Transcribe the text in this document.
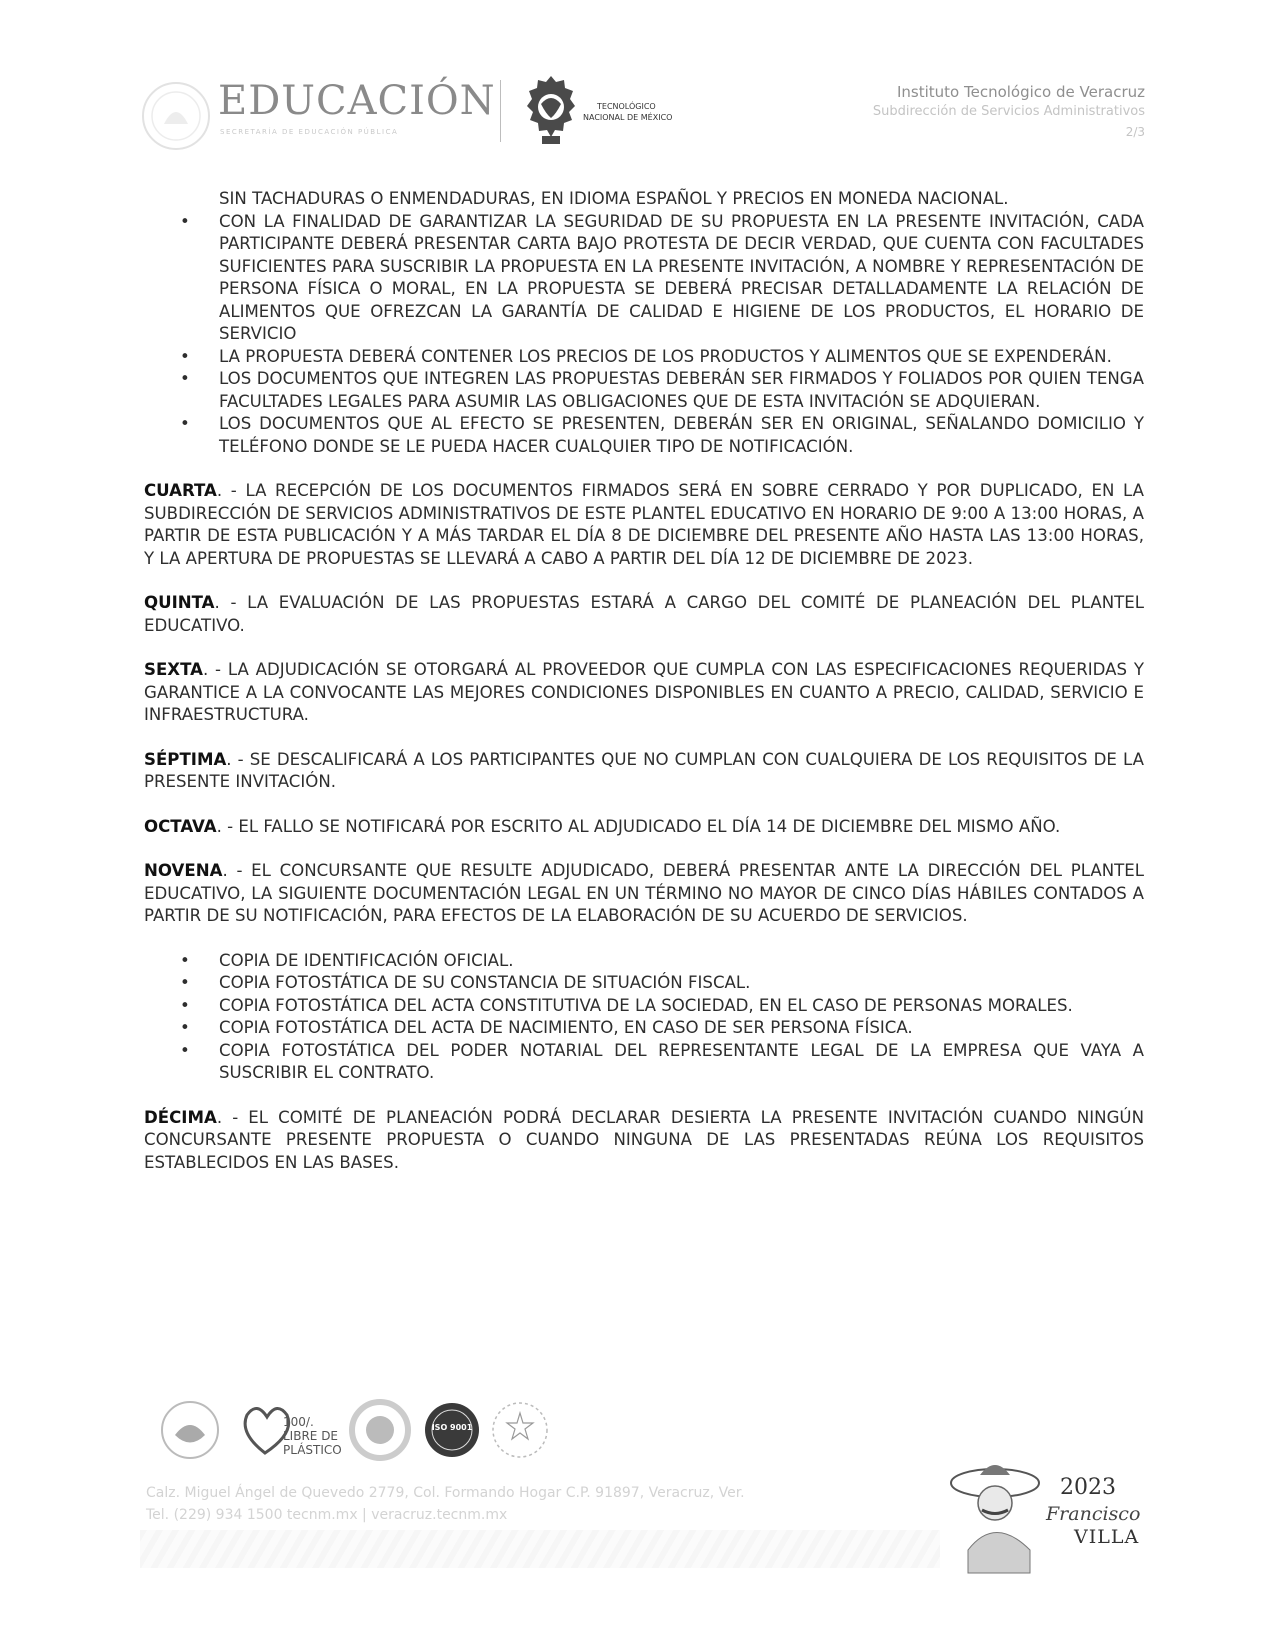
EDUCACIÓN
SECRETARÍA DE EDUCACIÓN PÚBLICA
TECNOLÓGICO
NACIONAL DE MÉXICO
Instituto Tecnológico de Veracruz
Subdirección de Servicios Administrativos
2/3

SIN TACHADURAS O ENMENDADURAS, EN IDIOMA ESPAÑOL Y PRECIOS EN MONEDA NACIONAL.

• CON LA FINALIDAD DE GARANTIZAR LA SEGURIDAD DE SU PROPUESTA EN LA PRESENTE INVITACIÓN, CADA PARTICIPANTE DEBERÁ PRESENTAR CARTA BAJO PROTESTA DE DECIR VERDAD, QUE CUENTA CON FACULTADES SUFICIENTES PARA SUSCRIBIR LA PROPUESTA EN LA PRESENTE INVITACIÓN, A NOMBRE Y REPRESENTACIÓN DE PERSONA FÍSICA O MORAL, EN LA PROPUESTA SE DEBERÁ PRECISAR DETALLADAMENTE LA RELACIÓN DE ALIMENTOS QUE OFREZCAN LA GARANTÍA DE CALIDAD E HIGIENE DE LOS PRODUCTOS, EL HORARIO DE SERVICIO

• LA PROPUESTA DEBERÁ CONTENER LOS PRECIOS DE LOS PRODUCTOS Y ALIMENTOS QUE SE EXPENDERÁN.

• LOS DOCUMENTOS QUE INTEGREN LAS PROPUESTAS DEBERÁN SER FIRMADOS Y FOLIADOS POR QUIEN TENGA FACULTADES LEGALES PARA ASUMIR LAS OBLIGACIONES QUE DE ESTA INVITACIÓN SE ADQUIERAN.

• LOS DOCUMENTOS QUE AL EFECTO SE PRESENTEN, DEBERÁN SER EN ORIGINAL, SEÑALANDO DOMICILIO Y TELÉFONO DONDE SE LE PUEDA HACER CUALQUIER TIPO DE NOTIFICACIÓN.

CUARTA. - LA RECEPCIÓN DE LOS DOCUMENTOS FIRMADOS SERÁ EN SOBRE CERRADO Y POR DUPLICADO, EN LA SUBDIRECCIÓN DE SERVICIOS ADMINISTRATIVOS DE ESTE PLANTEL EDUCATIVO EN HORARIO DE 9:00 A 13:00 HORAS, A PARTIR DE ESTA PUBLICACIÓN Y A MÁS TARDAR EL DÍA 8 DE DICIEMBRE DEL PRESENTE AÑO HASTA LAS 13:00 HORAS, Y LA APERTURA DE PROPUESTAS SE LLEVARÁ A CABO A PARTIR DEL DÍA 12 DE DICIEMBRE DE 2023.

QUINTA. - LA EVALUACIÓN DE LAS PROPUESTAS ESTARÁ A CARGO DEL COMITÉ DE PLANEACIÓN DEL PLANTEL EDUCATIVO.

SEXTA. - LA ADJUDICACIÓN SE OTORGARÁ AL PROVEEDOR QUE CUMPLA CON LAS ESPECIFICACIONES REQUERIDAS Y GARANTICE A LA CONVOCANTE LAS MEJORES CONDICIONES DISPONIBLES EN CUANTO A PRECIO, CALIDAD, SERVICIO E INFRAESTRUCTURA.

SÉPTIMA. - SE DESCALIFICARÁ A LOS PARTICIPANTES QUE NO CUMPLAN CON CUALQUIERA DE LOS REQUISITOS DE LA PRESENTE INVITACIÓN.

OCTAVA. - EL FALLO SE NOTIFICARÁ POR ESCRITO AL ADJUDICADO EL DÍA 14 DE DICIEMBRE DEL MISMO AÑO.

NOVENA. - EL CONCURSANTE QUE RESULTE ADJUDICADO, DEBERÁ PRESENTAR ANTE LA DIRECCIÓN DEL PLANTEL EDUCATIVO, LA SIGUIENTE DOCUMENTACIÓN LEGAL EN UN TÉRMINO NO MAYOR DE CINCO DÍAS HÁBILES CONTADOS A PARTIR DE SU NOTIFICACIÓN, PARA EFECTOS DE LA ELABORACIÓN DE SU ACUERDO DE SERVICIOS.

• COPIA DE IDENTIFICACIÓN OFICIAL.

• COPIA FOTOSTÁTICA DE SU CONSTANCIA DE SITUACIÓN FISCAL.

• COPIA FOTOSTÁTICA DEL ACTA CONSTITUTIVA DE LA SOCIEDAD, EN EL CASO DE PERSONAS MORALES.

• COPIA FOTOSTÁTICA DEL ACTA DE NACIMIENTO, EN CASO DE SER PERSONA FÍSICA.

• COPIA FOTOSTÁTICA DEL PODER NOTARIAL DEL REPRESENTANTE LEGAL DE LA EMPRESA QUE VAYA A SUSCRIBIR EL CONTRATO.

DÉCIMA. - EL COMITÉ DE PLANEACIÓN PODRÁ DECLARAR DESIERTA LA PRESENTE INVITACIÓN CUANDO NINGÚN CONCURSANTE PRESENTE PROPUESTA O CUANDO NINGUNA DE LAS PRESENTADAS REÚNA LOS REQUISITOS ESTABLECIDOS EN LAS BASES.

100/. LIBRE DE PLÁSTICO
ISO 9001
Calz. Miguel Ángel de Quevedo 2779, Col. Formando Hogar C.P. 91897, Veracruz, Ver.
Tel. (229) 934 1500 tecnm.mx | veracruz.tecnm.mx
2023
Francisco
VILLA
